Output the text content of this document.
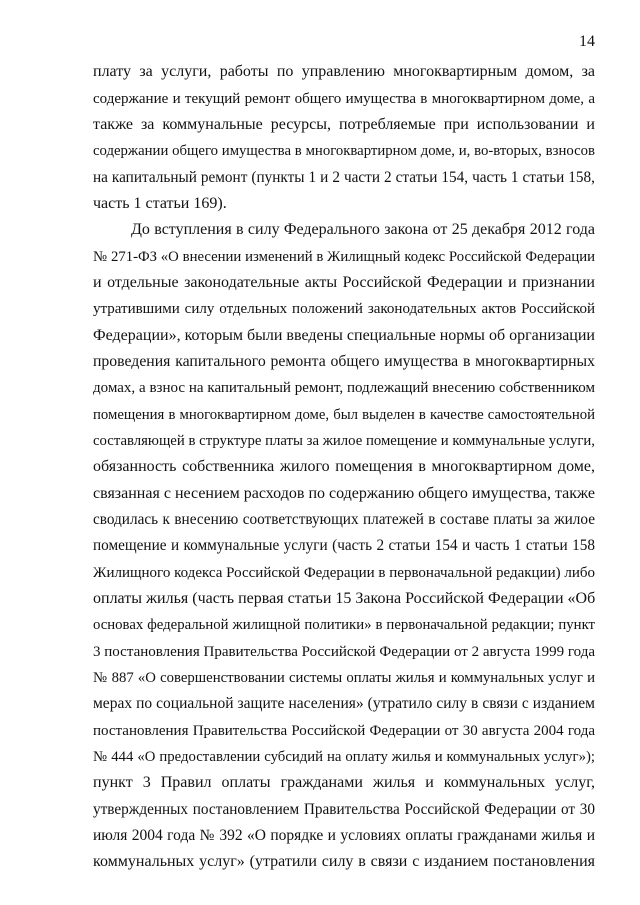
14
плату за услуги, работы по управлению многоквартирным домом, за
содержание и текущий ремонт общего имущества в многоквартирном доме, а
также за коммунальные ресурсы, потребляемые при использовании и
содержании общего имущества в многоквартирном доме, и, во-вторых, взносов
на капитальный ремонт (пункты 1 и 2 части 2 статьи 154, часть 1 статьи 158,
часть 1 статьи 169).
До вступления в силу Федерального закона от 25 декабря 2012 года
№ 271-ФЗ «О внесении изменений в Жилищный кодекс Российской Федерации
и отдельные законодательные акты Российской Федерации и признании
утратившими силу отдельных положений законодательных актов Российской
Федерации», которым были введены специальные нормы об организации
проведения капитального ремонта общего имущества в многоквартирных
домах, а взнос на капитальный ремонт, подлежащий внесению собственником
помещения в многоквартирном доме, был выделен в качестве самостоятельной
составляющей в структуре платы за жилое помещение и коммунальные услуги,
обязанность собственника жилого помещения в многоквартирном доме,
связанная с несением расходов по содержанию общего имущества, также
сводилась к внесению соответствующих платежей в составе платы за жилое
помещение и коммунальные услуги (часть 2 статьи 154 и часть 1 статьи 158
Жилищного кодекса Российской Федерации в первоначальной редакции) либо
оплаты жилья (часть первая статьи 15 Закона Российской Федерации «Об
основах федеральной жилищной политики» в первоначальной редакции; пункт
3 постановления Правительства Российской Федерации от 2 августа 1999 года
№ 887 «О совершенствовании системы оплаты жилья и коммунальных услуг и
мерах по социальной защите населения» (утратило силу в связи с изданием
постановления Правительства Российской Федерации от 30 августа 2004 года
№ 444 «О предоставлении субсидий на оплату жилья и коммунальных услуг»);
пункт 3 Правил оплаты гражданами жилья и коммунальных услуг,
утвержденных постановлением Правительства Российской Федерации от 30
июля 2004 года № 392 «О порядке и условиях оплаты гражданами жилья и
коммунальных услуг» (утратили силу в связи с изданием постановления
